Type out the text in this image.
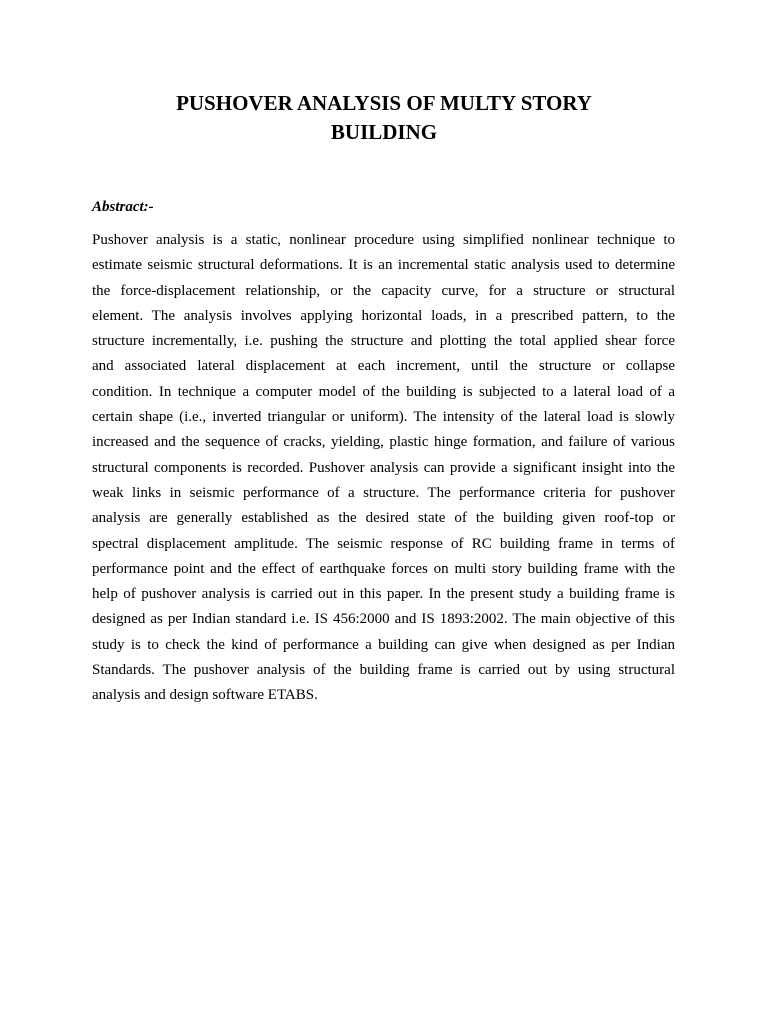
PUSHOVER ANALYSIS OF MULTY STORY
BUILDING

Abstract:-

Pushover analysis is a static, nonlinear procedure using simplified nonlinear technique to
estimate seismic structural deformations. It is an incremental static analysis used to determine
the force-displacement relationship, or the capacity curve, for a structure or structural
element. The analysis involves applying horizontal loads, in a prescribed pattern, to the
structure incrementally, i.e. pushing the structure and plotting the total applied shear force
and associated lateral displacement at each increment, until the structure or collapse
condition. In technique a computer model of the building is subjected to a lateral load of a
certain shape (i.e., inverted triangular or uniform). The intensity of the lateral load is slowly
increased and the sequence of cracks, yielding, plastic hinge formation, and failure of various
structural components is recorded. Pushover analysis can provide a significant insight into the
weak links in seismic performance of a structure. The performance criteria for pushover
analysis are generally established as the desired state of the building given roof-top or
spectral displacement amplitude. The seismic response of RC building frame in terms of
performance point and the effect of earthquake forces on multi story building frame with the
help of pushover analysis is carried out in this paper. In the present study a building frame is
designed as per Indian standard i.e. IS 456:2000 and IS 1893:2002. The main objective of this
study is to check the kind of performance a building can give when designed as per Indian
Standards. The pushover analysis of the building frame is carried out by using structural
analysis and design software ETABS.
